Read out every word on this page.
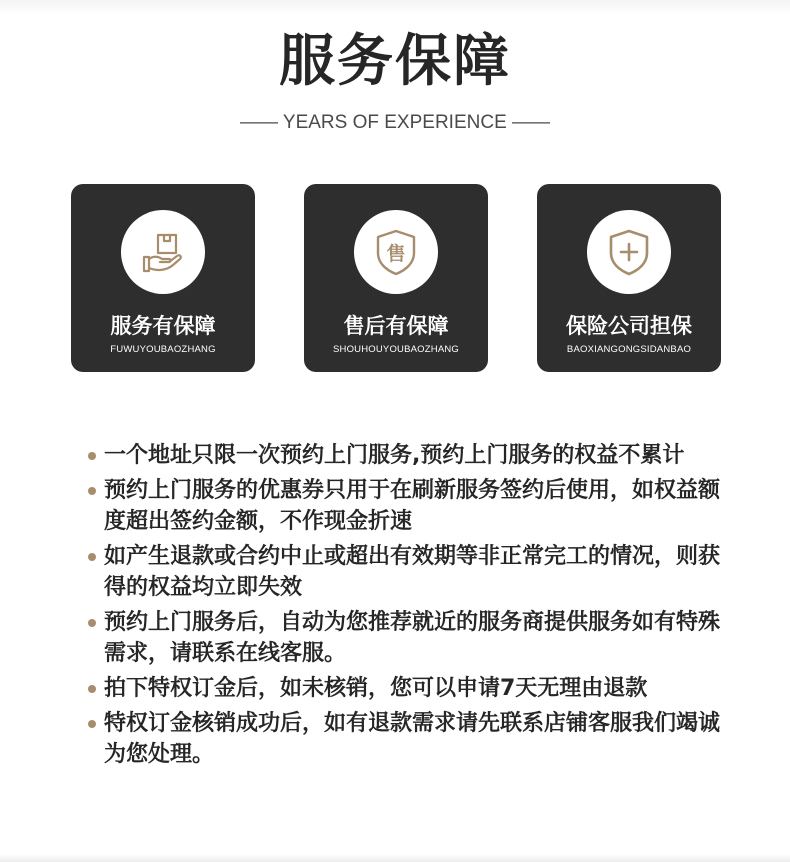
服务保障
—— YEARS OF EXPERIENCE ——
服务有保障
FUWUYOUBAOZHANG
售
售后有保障
SHOUHOUYOUBAOZHANG
保险公司担保
BAOXIANGONGSIDANBAO
一个地址只限一次预约上门服务,预约上门服务的权益不累计
预约上门服务的优惠券只用于在刷新服务签约后使用，如权益额度超出签约金额，不作现金折速
如产生退款或合约中止或超出有效期等非正常完工的情况，则获得的权益均立即失效
预约上门服务后，自动为您推荐就近的服务商提供服务如有特殊需求，请联系在线客服。
拍下特权订金后，如未核销，您可以申请7天无理由退款
特权订金核销成功后，如有退款需求请先联系店铺客服我们竭诚为您处理。
